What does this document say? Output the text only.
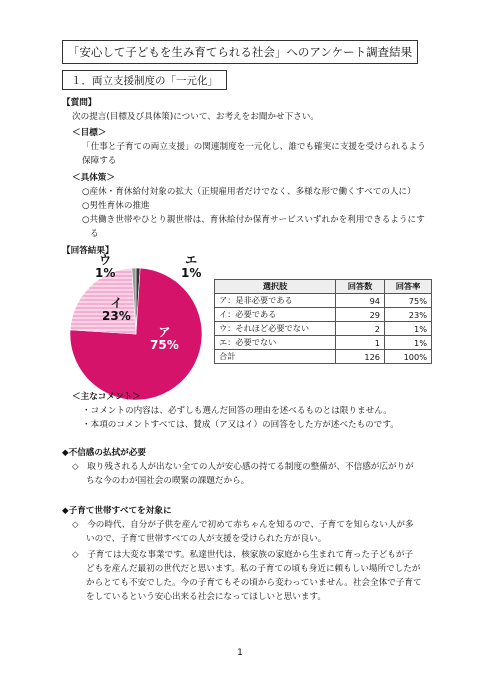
「安心して子どもを生み育てられる社会」へのアンケート調査結果
１．両立支援制度の「一元化」
【質問】
次の提言(目標及び具体策)について、お考えをお聞かせ下さい。
＜目標＞
「仕事と子育ての両立支援」の関連制度を一元化し、誰でも確実に支援を受けられるよう
保障する
＜具体策＞
○産休・育休給付対象の拡大（正規雇用者だけでなく、多様な形で働くすべての人に）
○男性育休の推進
○共働き世帯やひとり親世帯は、育休給付か保育サービスいずれかを利用できるようにす
る
【回答結果】
ア
75%
イ
23%
ウ
1%
エ
1%
選択肢	回答数	回答率
ア：是非必要である	94	75%
イ：必要である	29	23%
ウ：それほど必要でない	2	1%
エ：必要でない	1	1%
合計	126	100%
＜主なコメント＞
・コメントの内容は、必ずしも選んだ回答の理由を述べるものとは限りません。
・本項のコメントすべては、賛成（ア又はイ）の回答をした方が述べたものです。
◆不信感の払拭が必要
◇　取り残される人が出ない全ての人が安心感の持てる制度の整備が、不信感が広がりが
ちな今のわが国社会の喫緊の課題だから。
◆子育て世帯すべてを対象に
◇　今の時代、自分が子供を産んで初めて赤ちゃんを知るので、子育てを知らない人が多
いので、子育て世帯すべての人が支援を受けられた方が良い。
◇　子育ては大変な事業です。私達世代は、核家族の家庭から生まれて育った子どもが子
どもを産んだ最初の世代だと思います。私の子育ての頃も身近に頼もしい場所でしたが
からとても不安でした。今の子育てもその頃から変わっていません。社会全体で子育て
をしているという安心出来る社会になってほしいと思います。
1
